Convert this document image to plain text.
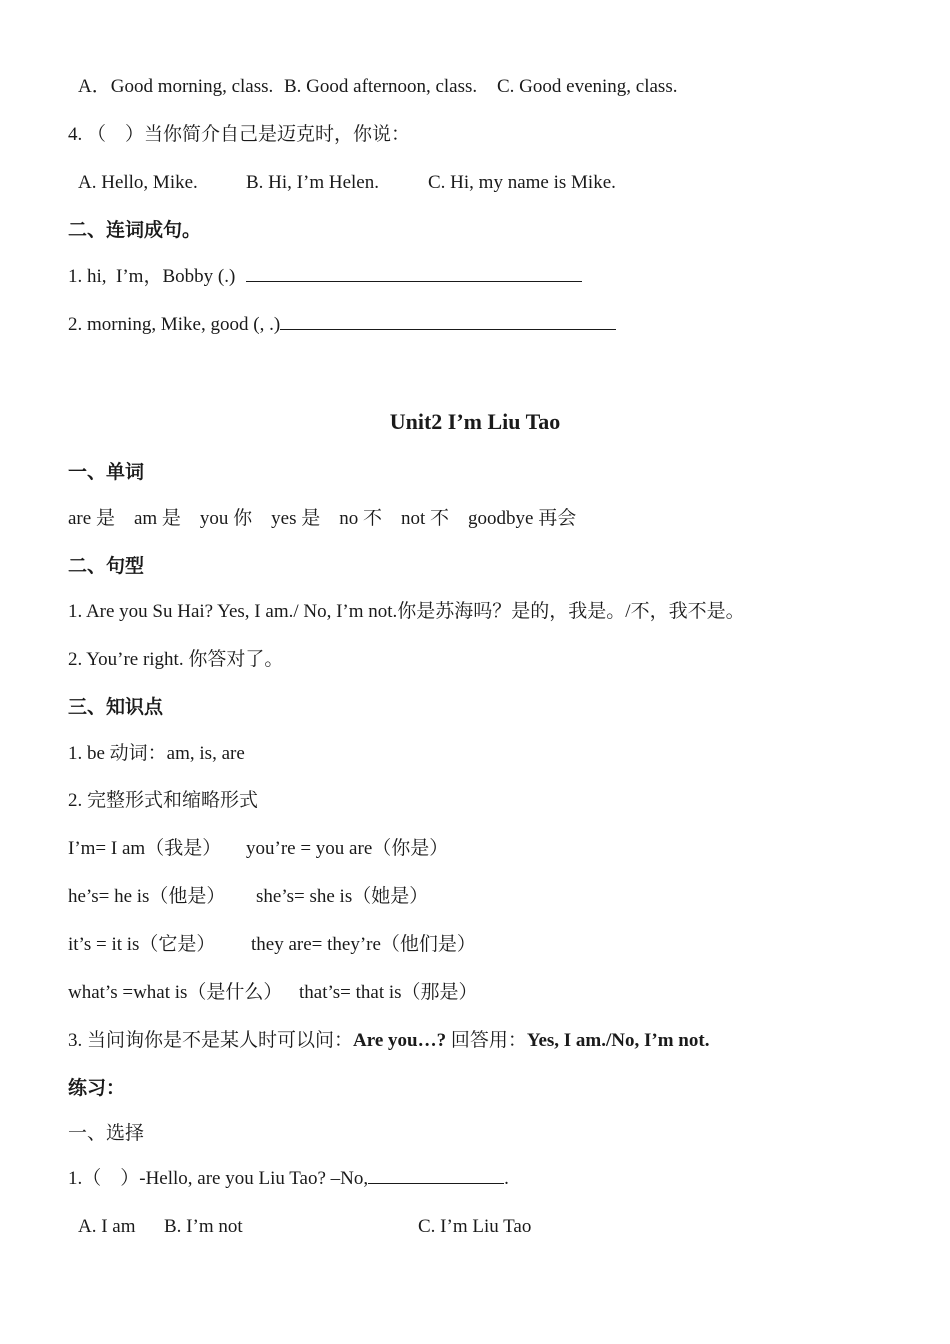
A．Good morning, class. B. Good afternoon, class. C. Good evening, class.
4. （    ）当你简介自己是迈克时，你说：
A. Hello, Mike.	B. Hi, I’m Helen.	C. Hi, my name is Mike.
二、连词成句。
1. hi,  I’m，Bobby (.)
2. morning, Mike, good (, .)
Unit2 I’m Liu Tao
一、单词
are 是    am 是    you 你    yes 是    no 不    not 不    goodbye 再会
二、句型
1. Are you Su Hai? Yes, I am./ No, I’m not.你是苏海吗？是的，我是。/不，我不是。
2. You’re right. 你答对了。
三、知识点
1. be 动词：am, is, are
2. 完整形式和缩略形式
I’m= I am（我是） you’re = you are（你是）
he’s= he is（他是） she’s= she is（她是）
it’s = it is（它是） they are= they’re（他们是）
what’s =what is（是什么） that’s= that is（那是）
3. 当问询你是不是某人时可以问：Are you…? 回答用：Yes, I am./No, I’m not.
练习：
一、选择
1.（    ）-Hello, are you Liu Tao? –No,	.
A. I am B. I’m not	C. I’m Liu Tao
